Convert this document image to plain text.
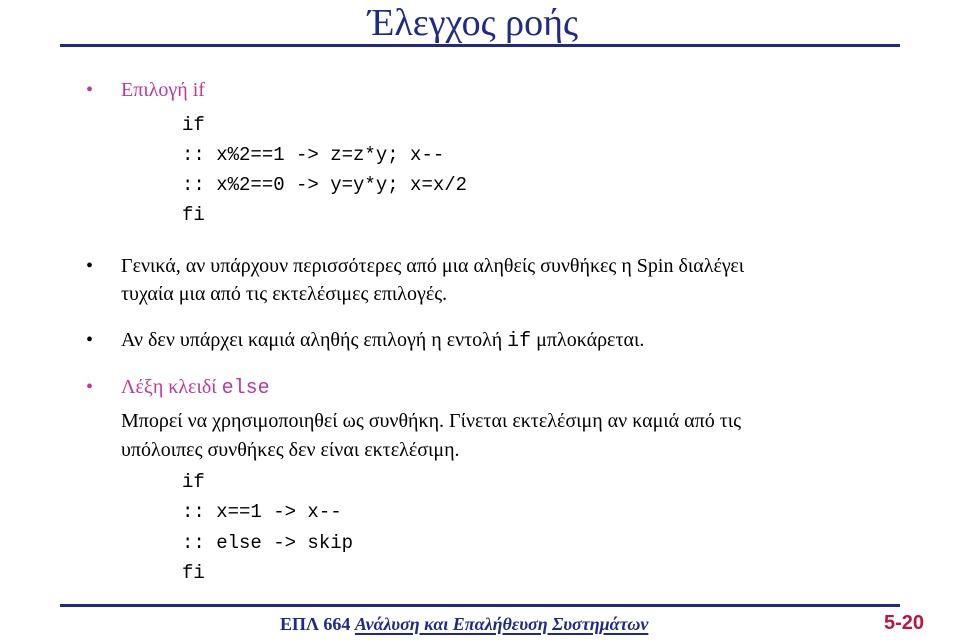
Έλεγχος ροής
• Επιλογή if
if
:: x%2==1 -> z=z*y; x--
:: x%2==0 -> y=y*y; x=x/2
fi
• Γενικά, αν υπάρχουν περισσότερες από μια αληθείς συνθήκες η Spin διαλέγει
τυχαία μια από τις εκτελέσιμες επιλογές.
• Αν δεν υπάρχει καμιά αληθής επιλογή η εντολή if μπλοκάρεται.
• Λέξη κλειδί else
Μπορεί να χρησιμοποιηθεί ως συνθήκη. Γίνεται εκτελέσιμη αν καμιά από τις
υπόλοιπες συνθήκες δεν είναι εκτελέσιμη.
if
:: x==1 -> x--
:: else -> skip
fi
ΕΠΛ 664 Ανάλυση και Επαλήθευση Συστημάτων	5-20
